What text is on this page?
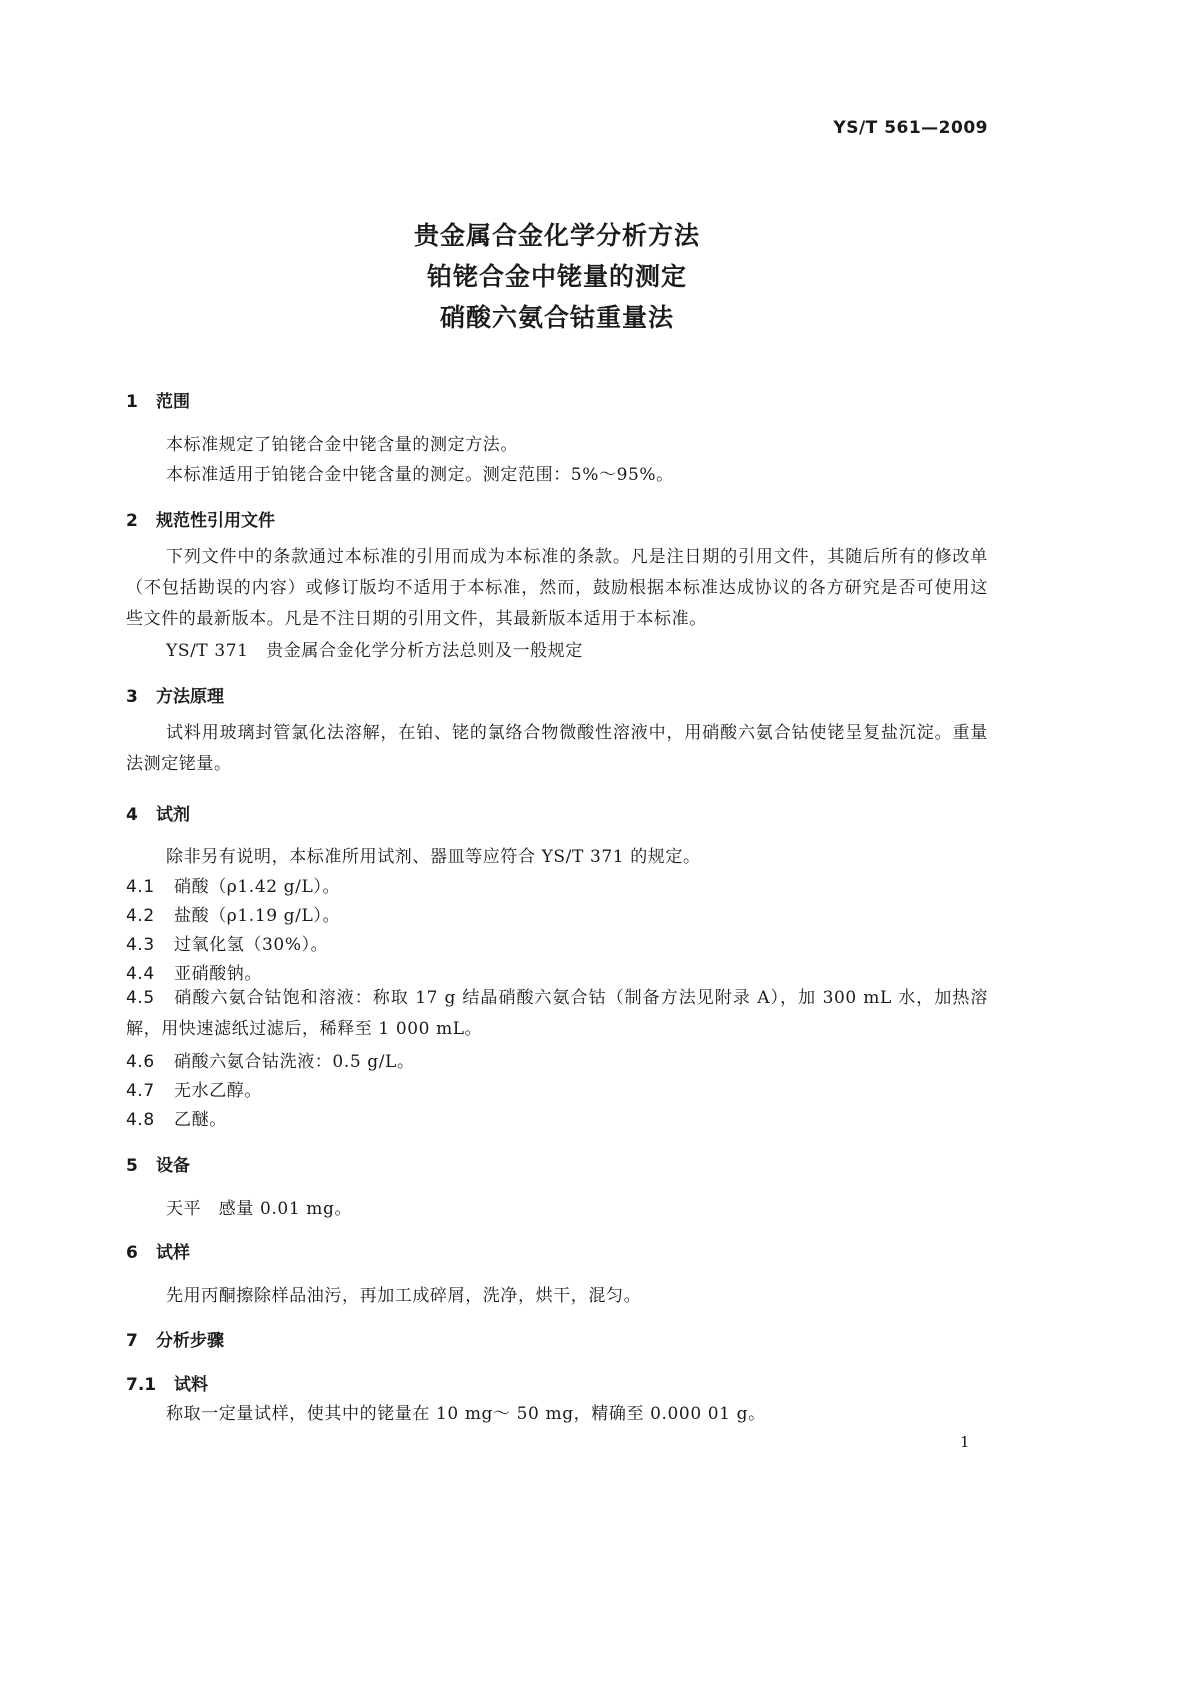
YS/T 561—2009
贵金属合金化学分析方法
铂铑合金中铑量的测定
硝酸六氨合钴重量法
1 范围
本标准规定了铂铑合金中铑含量的测定方法。
本标准适用于铂铑合金中铑含量的测定。测定范围：5%～95%。
2 规范性引用文件
下列文件中的条款通过本标准的引用而成为本标准的条款。凡是注日期的引用文件，其随后所有的修改单（不包括勘误的内容）或修订版均不适用于本标准，然而，鼓励根据本标准达成协议的各方研究是否可使用这些文件的最新版本。凡是不注日期的引用文件，其最新版本适用于本标准。
YS/T 371　贵金属合金化学分析方法总则及一般规定
3 方法原理
试料用玻璃封管氯化法溶解，在铂、铑的氯络合物微酸性溶液中，用硝酸六氨合钴使铑呈复盐沉淀。重量法测定铑量。
4 试剂
除非另有说明，本标准所用试剂、器皿等应符合 YS/T 371 的规定。
4.1 硝酸（ρ1.42 g/L）。
4.2 盐酸（ρ1.19 g/L）。
4.3 过氧化氢（30%）。
4.4 亚硝酸钠。
4.5 硝酸六氨合钴饱和溶液：称取 17 g 结晶硝酸六氨合钴（制备方法见附录 A），加 300 mL 水，加热溶解，用快速滤纸过滤后，稀释至 1 000 mL。
4.6 硝酸六氨合钴洗液：0.5 g/L。
4.7 无水乙醇。
4.8 乙醚。
5 设备
天平　感量 0.01 mg。
6 试样
先用丙酮擦除样品油污，再加工成碎屑，洗净，烘干，混匀。
7 分析步骤
7.1 试料
称取一定量试样，使其中的铑量在 10 mg～ 50 mg，精确至 0.000 01 g。
1
